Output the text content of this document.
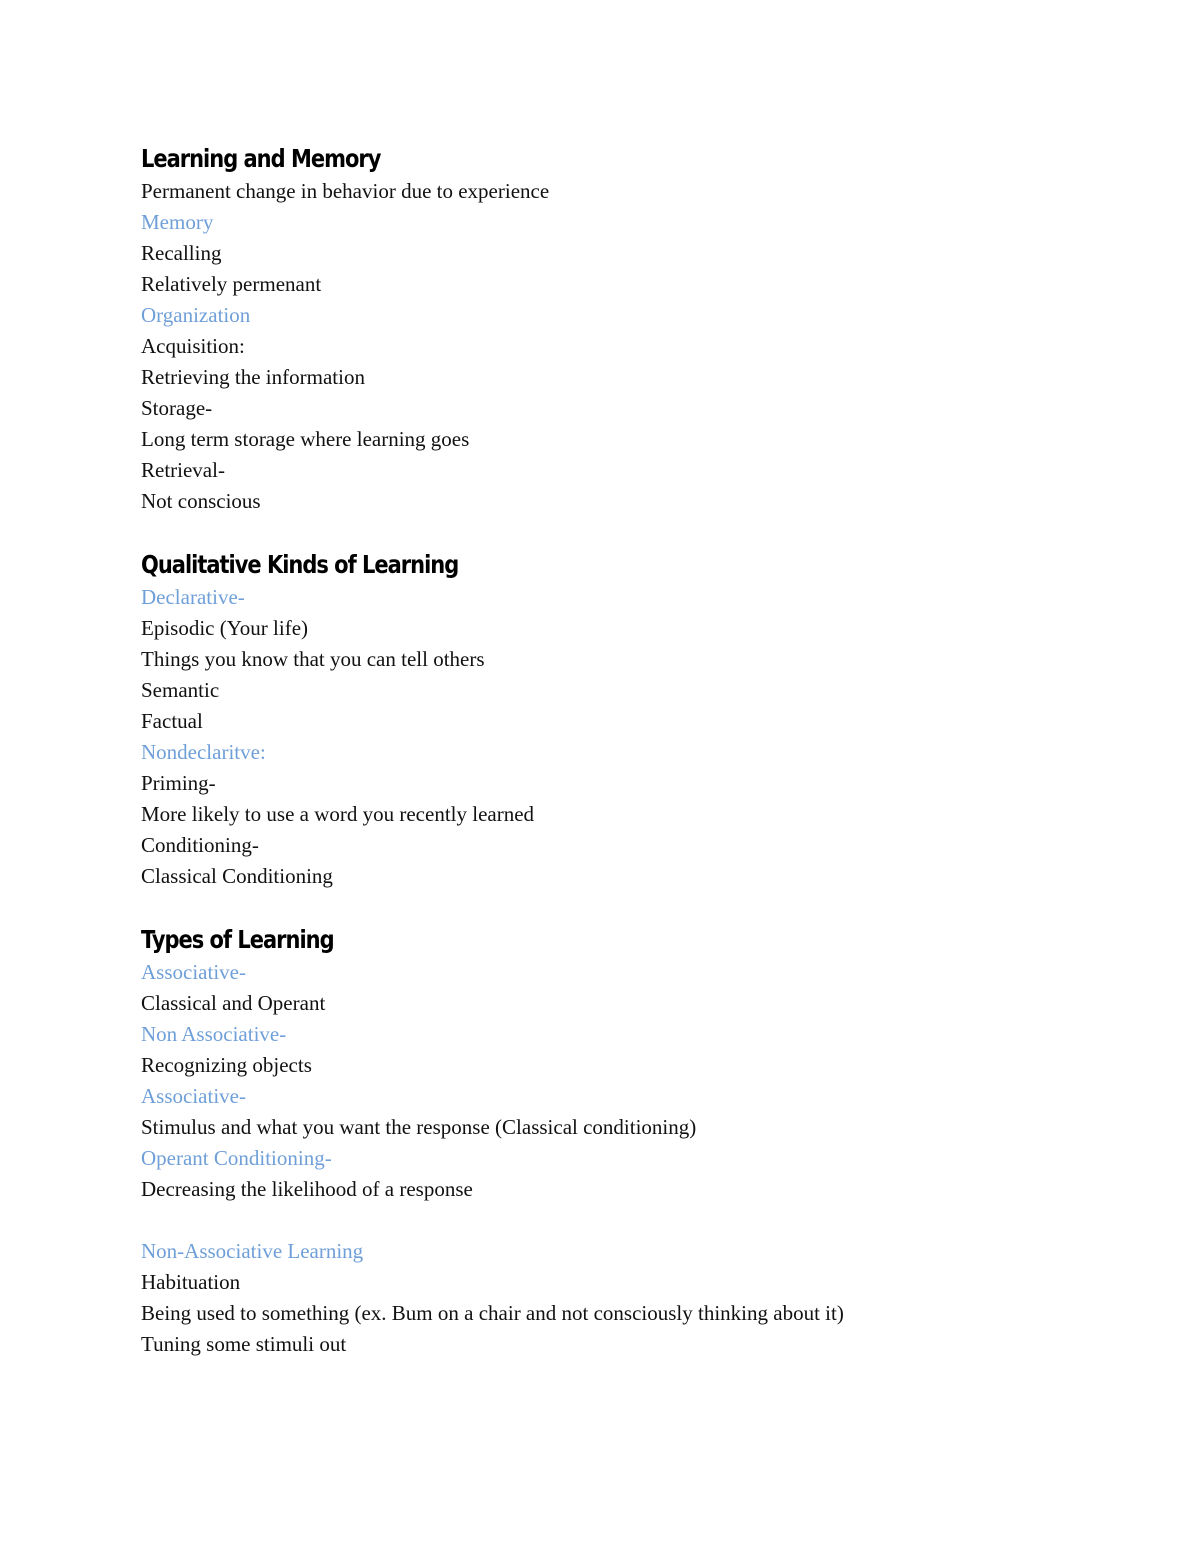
Learning and Memory
Permanent change in behavior due to experience
Memory
Recalling
Relatively permenant
Organization
Acquisition:
Retrieving the information
Storage-
Long term storage where learning goes
Retrieval-
Not conscious
Qualitative Kinds of Learning
Declarative-
Episodic (Your life)
Things you know that you can tell others
Semantic
Factual
Nondeclaritve:
Priming-
More likely to use a word you recently learned
Conditioning-
Classical Conditioning
Types of Learning
Associative-
Classical and Operant
Non Associative-
Recognizing objects
Associative-
Stimulus and what you want the response (Classical conditioning)
Operant Conditioning-
Decreasing the likelihood of a response
Non-Associative Learning
Habituation
Being used to something (ex. Bum on a chair and not consciously thinking about it)
Tuning some stimuli out
